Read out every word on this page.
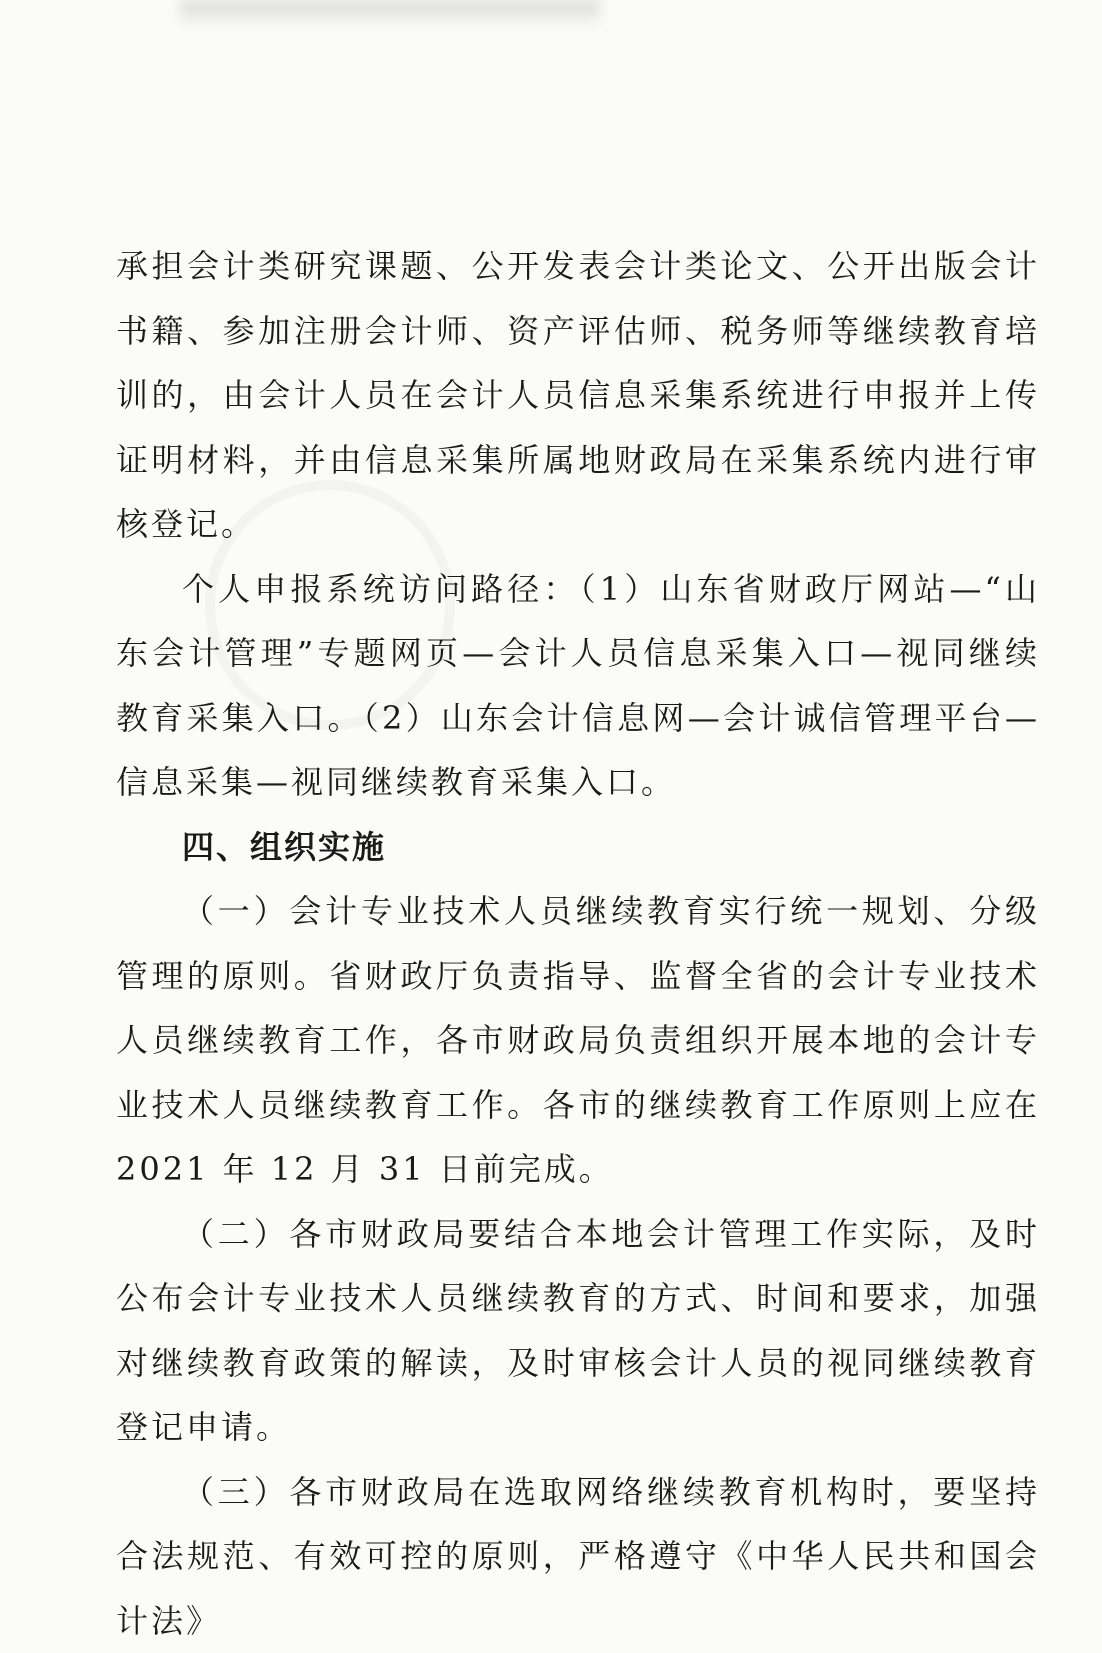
承担会计类研究课题、公开发表会计类论文、公开出版会计书籍、参加注册会计师、资产评估师、税务师等继续教育培训的，由会计人员在会计人员信息采集系统进行申报并上传证明材料，并由信息采集所属地财政局在采集系统内进行审核登记。

个人申报系统访问路径：（1）山东省财政厅网站—“山东会计管理”专题网页—会计人员信息采集入口—视同继续教育采集入口。（2）山东会计信息网—会计诚信管理平台—信息采集—视同继续教育采集入口。

四、组织实施

（一）会计专业技术人员继续教育实行统一规划、分级管理的原则。省财政厅负责指导、监督全省的会计专业技术人员继续教育工作，各市财政局负责组织开展本地的会计专业技术人员继续教育工作。各市的继续教育工作原则上应在 2021 年 12 月 31 日前完成。

（二）各市财政局要结合本地会计管理工作实际，及时公布会计专业技术人员继续教育的方式、时间和要求，加强对继续教育政策的解读，及时审核会计人员的视同继续教育登记申请。

（三）各市财政局在选取网络继续教育机构时，要坚持合法规范、有效可控的原则，严格遵守《中华人民共和国会计法》
